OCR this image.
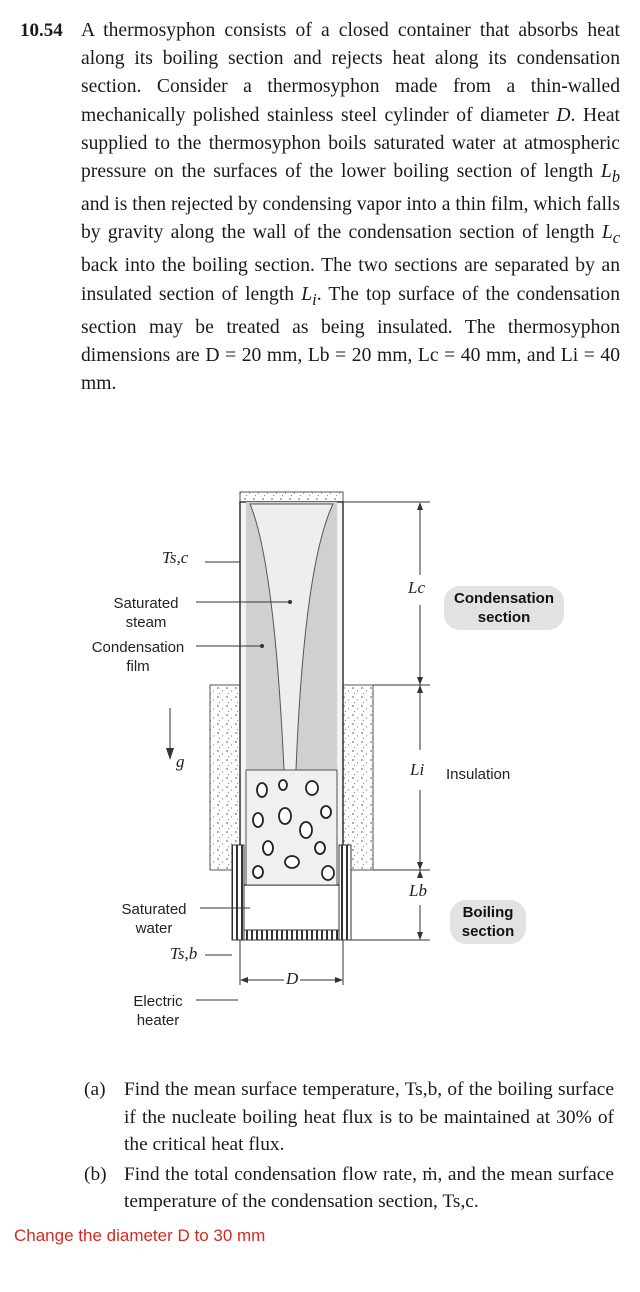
10.54 A thermosyphon consists of a closed container that absorbs heat along its boiling section and rejects heat along its condensation section. Consider a thermosyphon made from a thin-walled mechanically polished stainless steel cylinder of diameter D. Heat supplied to the thermosyphon boils saturated water at atmospheric pressure on the surfaces of the lower boiling section of length $L_b$ and is then rejected by condensing vapor into a thin film, which falls by gravity along the wall of the condensation section of length $L_c$ back into the boiling section. The two sections are separated by an insulated section of length $L_i$. The top surface of the condensation section may be treated as being insulated. The thermosyphon dimensions are D = 20 mm, Lb = 20 mm, Lc = 40 mm, and Li = 40 mm.
Ts,c
Saturated steam
Condensation film
g
Saturated water
Ts,b
Electric heater
D
Lc
Li
Lb
Condensation section
Insulation
Boiling section
(a) Find the mean surface temperature, Ts,b, of the boiling surface if the nucleate boiling heat flux is to be maintained at 30% of the critical heat flux.
(b) Find the total condensation flow rate, ṁ, and the mean surface temperature of the condensation section, Ts,c.
Change the diameter D to 30 mm
